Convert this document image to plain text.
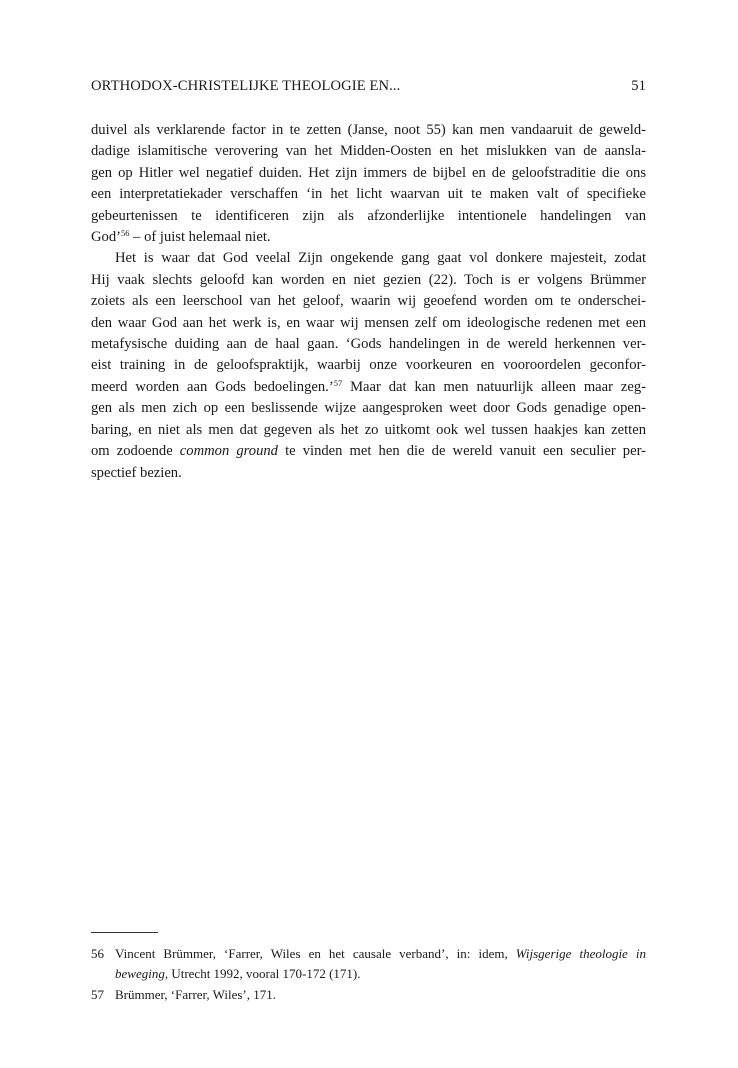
ORTHODOX-CHRISTELIJKE THEOLOGIE EN...	51

duivel als verklarende factor in te zetten (Janse, noot 55) kan men vandaaruit de geweld-
dadige islamitische verovering van het Midden-Oosten en het mislukken van de aansla-
gen op Hitler wel negatief duiden. Het zijn immers de bijbel en de geloofstraditie die ons
een interpretatiekader verschaffen ‘in het licht waarvan uit te maken valt of specifieke
gebeurtenissen te identificeren zijn als afzonderlijke intentionele handelingen van
God’$^{56}$ – of juist helemaal niet.

Het is waar dat God veelal Zijn ongekende gang gaat vol donkere majesteit, zodat
Hij vaak slechts geloofd kan worden en niet gezien (22). Toch is er volgens Brümmer
zoiets als een leerschool van het geloof, waarin wij geoefend worden om te onderschei-
den waar God aan het werk is, en waar wij mensen zelf om ideologische redenen met een
metafysische duiding aan de haal gaan. ‘Gods handelingen in de wereld herkennen ver-
eist training in de geloofspraktijk, waarbij onze voorkeuren en vooroordelen geconfor-
meerd worden aan Gods bedoelingen.’$^{57}$ Maar dat kan men natuurlijk alleen maar zeg-
gen als men zich op een beslissende wijze aangesproken weet door Gods genadige open-
baring, en niet als men dat gegeven als het zo uitkomt ook wel tussen haakjes kan zetten
om zodoende common ground te vinden met hen die de wereld vanuit een seculier per-
spectief bezien.

56 Vincent Brümmer, ‘Farrer, Wiles en het causale verband’, in: idem, Wijsgerige theologie in
beweging, Utrecht 1992, vooral 170-172 (171).
57 Brümmer, ‘Farrer, Wiles’, 171.
